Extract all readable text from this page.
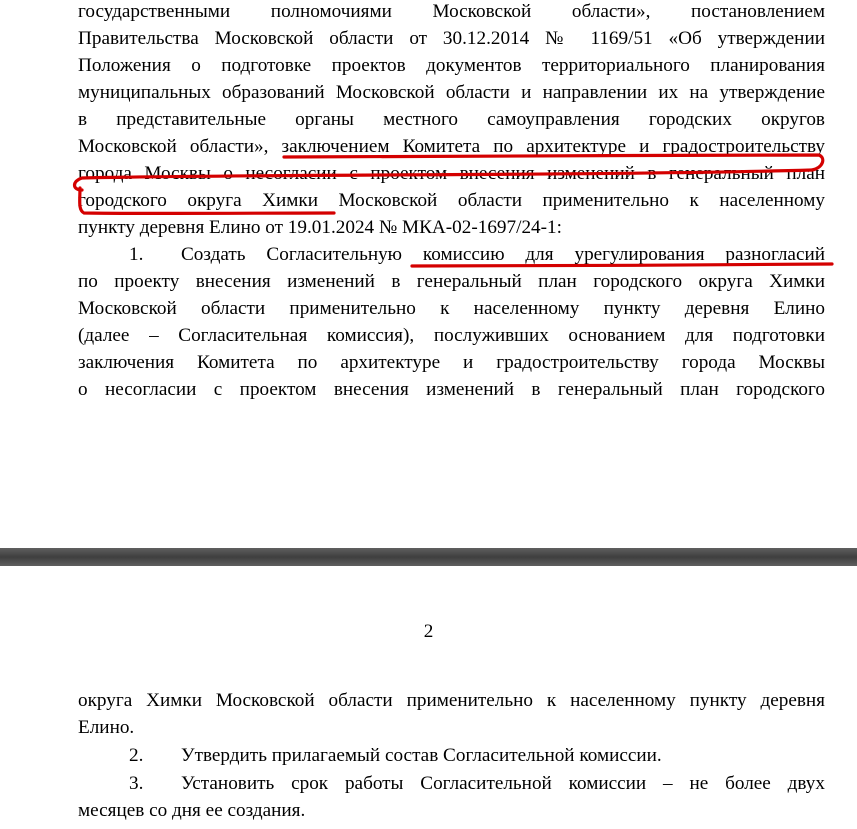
государственными полномочиями Московской области», постановлением
Правительства Московской области от 30.12.2014 № 1169/51 «Об утверждении
Положения о подготовке проектов документов территориального планирования
муниципальных образований Московской области и направлении их на утверждение
в представительные органы местного самоуправления городских округов
Московской области», заключением Комитета по архитектуре и градостроительству
города Москвы о несогласии с проектом внесения изменений в генеральный план
городского округа Химки Московской области применительно к населенному
пункту деревня Елино от 19.01.2024 № МКА-02-1697/24-1:
1. Создать Согласительную комиссию для урегулирования разногласий
по проекту внесения изменений в генеральный план городского округа Химки
Московской области применительно к населенному пункту деревня Елино
(далее – Согласительная комиссия), послуживших основанием для подготовки
заключения Комитета по архитектуре и градостроительству города Москвы
о несогласии с проектом внесения изменений в генеральный план городского
2
округа Химки Московской области применительно к населенному пункту деревня
Елино.
2. Утвердить прилагаемый состав Согласительной комиссии.
3. Установить срок работы Согласительной комиссии – не более двух
месяцев со дня ее создания.
